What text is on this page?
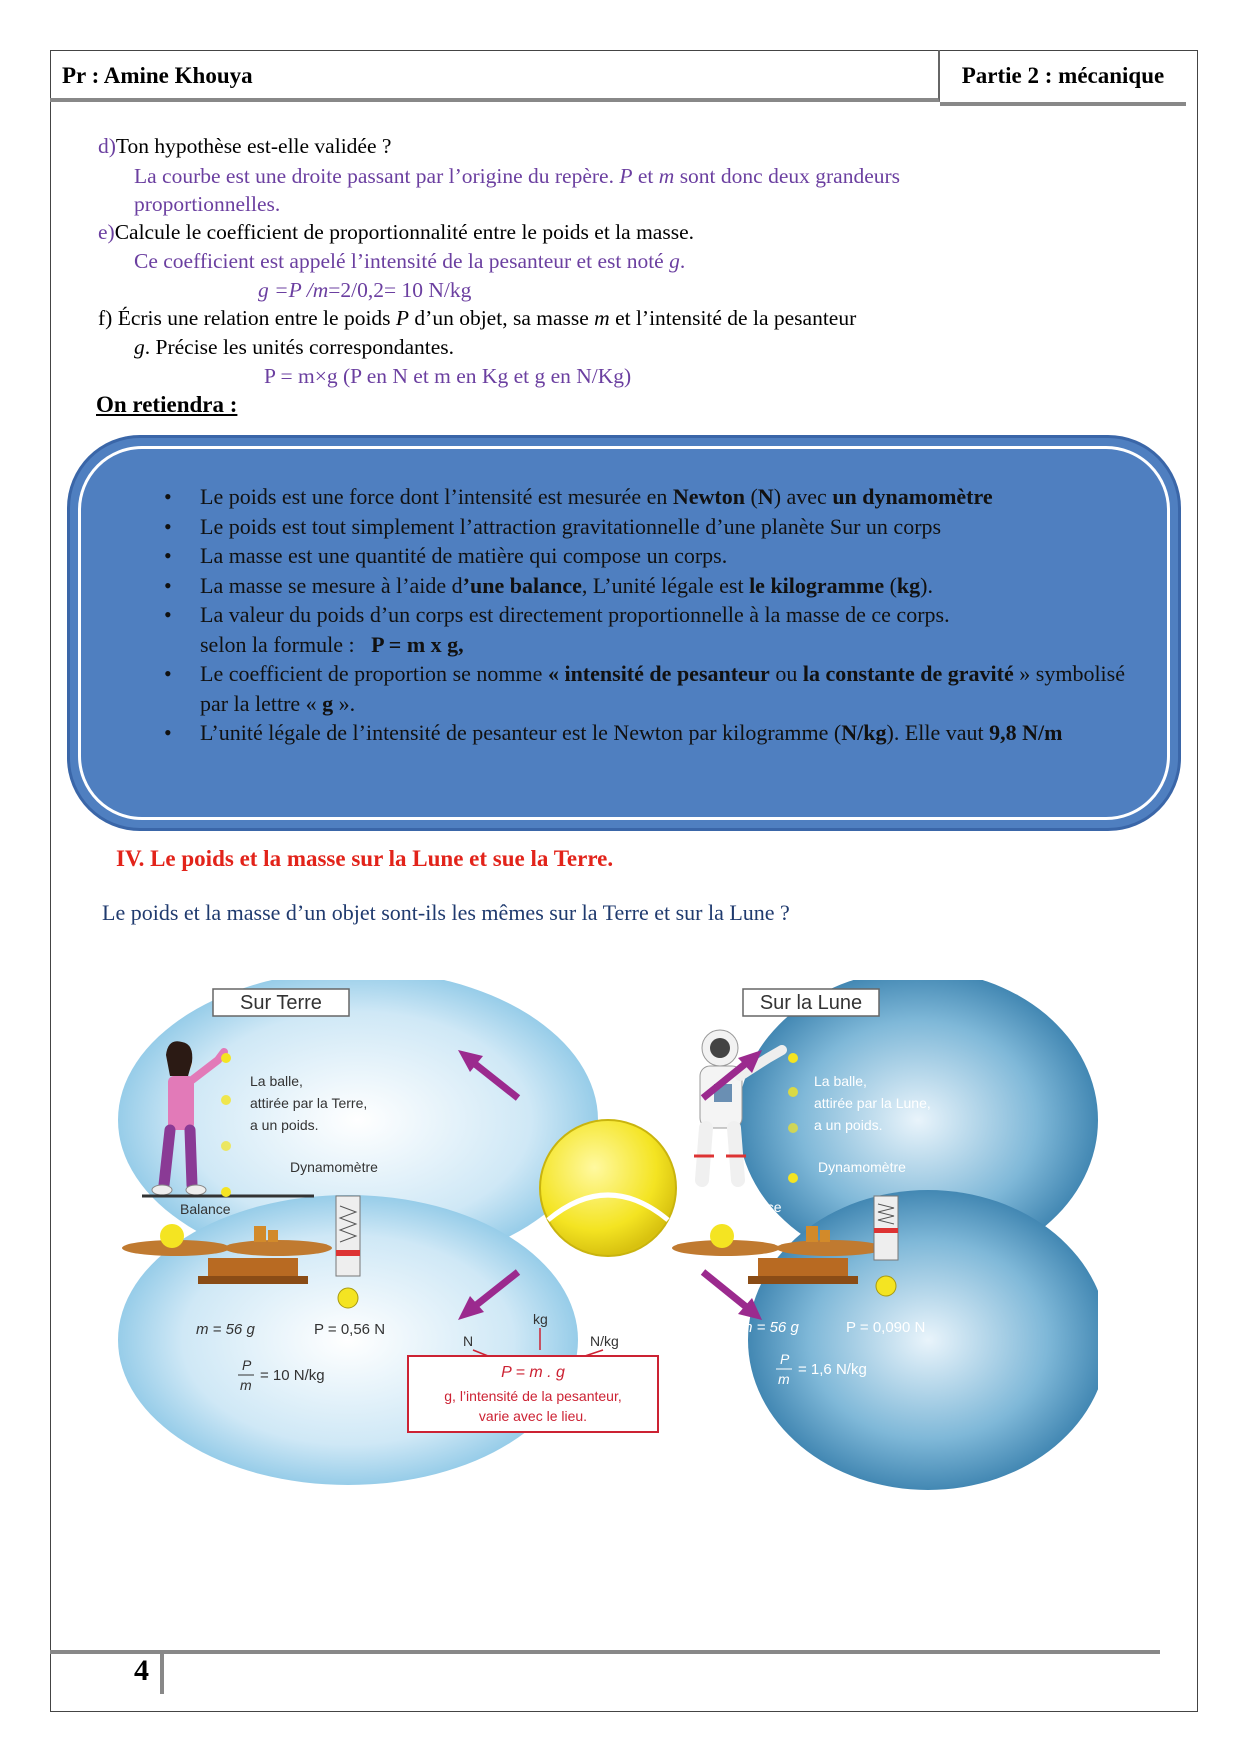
Pr : Amine Khouya	Partie 2 : mécanique
d)Ton hypothèse est-elle validée ?
La courbe est une droite passant par l’origine du repère. P et m sont donc deux grandeurs
proportionnelles.
e)Calcule le coefficient de proportionnalité entre le poids et la masse.
Ce coefficient est appelé l’intensité de la pesanteur et est noté g.
g =P /m=2/0,2= 10 N/kg
f) Écris une relation entre le poids P d’un objet, sa masse m et l’intensité de la pesanteur
g. Précise les unités correspondantes.
P = m×g (P en N et m en Kg et g en N/Kg)
On retiendra :
• Le poids est une force dont l’intensité est mesurée en Newton (N) avec un dynamomètre
• Le poids est tout simplement l’attraction gravitationnelle d’une planète Sur un corps
• La masse est une quantité de matière qui compose un corps.
• La masse se mesure à l’aide d’une balance, L’unité légale est le kilogramme (kg).
• La valeur du poids d’un corps est directement proportionnelle à la masse de ce corps.
selon la formule :   P = m x g,
• Le coefficient de proportion se nomme « intensité de pesanteur ou la constante de gravité » symbolisé par la lettre « g ».
• L’unité légale de l’intensité de pesanteur est le Newton par kilogramme (N/kg). Elle vaut 9,8 N/m
IV. Le poids et la masse sur la Lune et sue la Terre.
Le poids et la masse d’un objet sont-ils les mêmes sur la Terre et sur la Lune ?
Sur Terre	Sur la Lune
La balle,
attirée par la Terre,
a un poids.
La balle,
attirée par la Lune,
a un poids.
Balance
Dynamomètre
m = 56 g	P = 0,56 N
P
m
= 10 N/kg
Balance
Dynamomètre
m = 56 g	P = 0,090 N
P
m
= 1,6 N/kg
kg
N	N/kg
P = m . g
g, l’intensité de la pesanteur,
varie avec le lieu.
4
